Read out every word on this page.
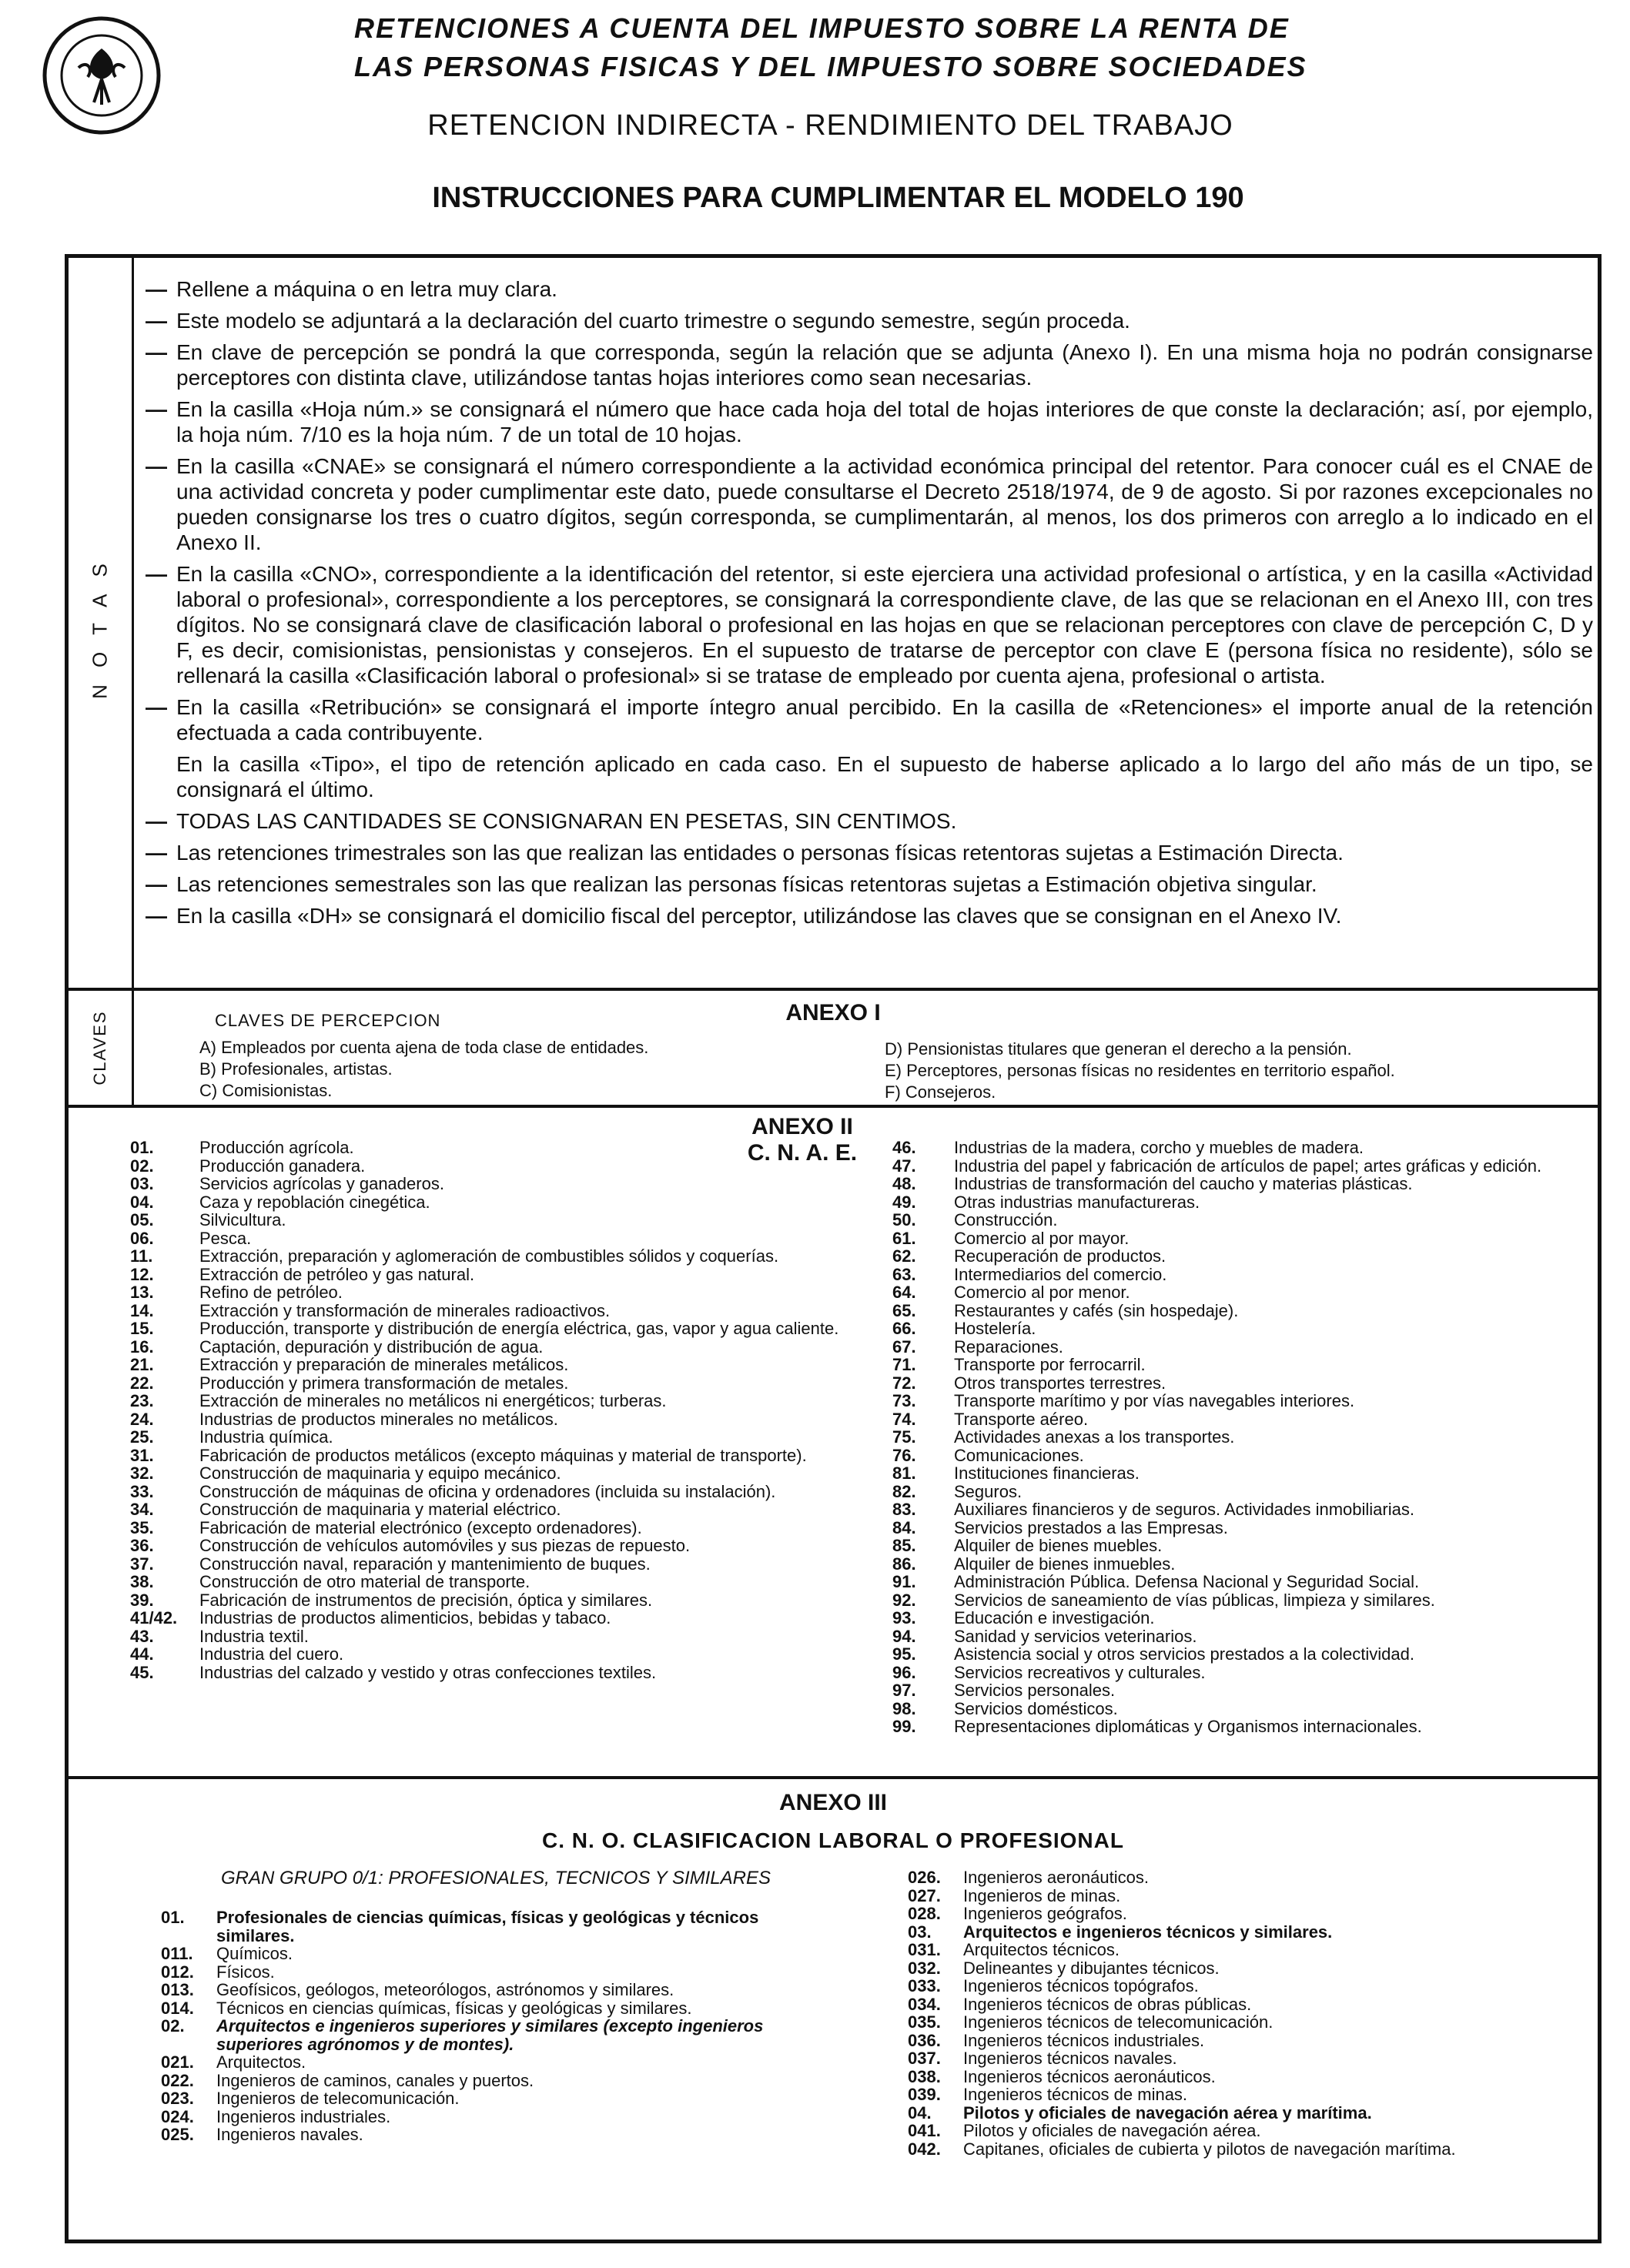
RETENCIONES A CUENTA DEL IMPUESTO SOBRE LA RENTA DE
LAS PERSONAS FISICAS Y DEL IMPUESTO SOBRE SOCIEDADES
RETENCION INDIRECTA - RENDIMIENTO DEL TRABAJO
INSTRUCCIONES PARA CUMPLIMENTAR EL MODELO 190
NOTAS
— Rellene a máquina o en letra muy clara.
— Este modelo se adjuntará a la declaración del cuarto trimestre o segundo semestre, según proceda.
— En clave de percepción se pondrá la que corresponda, según la relación que se adjunta (Anexo I). En una misma hoja no podrán consignarse perceptores con distinta clave, utilizándose tantas hojas interiores como sean necesarias.
— En la casilla «Hoja núm.» se consignará el número que hace cada hoja del total de hojas interiores de que conste la declaración; así, por ejemplo, la hoja núm. 7/10 es la hoja núm. 7 de un total de 10 hojas.
— En la casilla «CNAE» se consignará el número correspondiente a la actividad económica principal del retentor. Para conocer cuál es el CNAE de una actividad concreta y poder cumplimentar este dato, puede consultarse el Decreto 2518/1974, de 9 de agosto. Si por razones excepcionales no pueden consignarse los tres o cuatro dígitos, según corresponda, se cumplimentarán, al menos, los dos primeros con arreglo a lo indicado en el Anexo II.
— En la casilla «CNO», correspondiente a la identificación del retentor, si este ejerciera una actividad profesional o artística, y en la casilla «Actividad laboral o profesional», correspondiente a los perceptores, se consignará la correspondiente clave, de las que se relacionan en el Anexo III, con tres dígitos. No se consignará clave de clasificación laboral o profesional en las hojas en que se relacionan perceptores con clave de percepción C, D y F, es decir, comisionistas, pensionistas y consejeros. En el supuesto de tratarse de perceptor con clave E (persona física no residente), sólo se rellenará la casilla «Clasificación laboral o profesional» si se tratase de empleado por cuenta ajena, profesional o artista.
— En la casilla «Retribución» se consignará el importe íntegro anual percibido. En la casilla de «Retenciones» el importe anual de la retención efectuada a cada contribuyente.
En la casilla «Tipo», el tipo de retención aplicado en cada caso. En el supuesto de haberse aplicado a lo largo del año más de un tipo, se consignará el último.
— TODAS LAS CANTIDADES SE CONSIGNARAN EN PESETAS, SIN CENTIMOS.
— Las retenciones trimestrales son las que realizan las entidades o personas físicas retentoras sujetas a Estimación Directa.
— Las retenciones semestrales son las que realizan las personas físicas retentoras sujetas a Estimación objetiva singular.
— En la casilla «DH» se consignará el domicilio fiscal del perceptor, utilizándose las claves que se consignan en el Anexo IV.
CLAVES	ANEXO I
CLAVES DE PERCEPCION
A) Empleados por cuenta ajena de toda clase de entidades.
B) Profesionales, artistas.
C) Comisionistas.
D) Pensionistas titulares que generan el derecho a la pensión.
E) Perceptores, personas físicas no residentes en territorio español.
F) Consejeros.
ANEXO II
C. N. A. E.
01.	Producción agrícola.
02.	Producción ganadera.
03.	Servicios agrícolas y ganaderos.
04.	Caza y repoblación cinegética.
05.	Silvicultura.
06.	Pesca.
11.	Extracción, preparación y aglomeración de combustibles sólidos y coquerías.
12.	Extracción de petróleo y gas natural.
13.	Refino de petróleo.
14.	Extracción y transformación de minerales radioactivos.
15.	Producción, transporte y distribución de energía eléctrica, gas, vapor y agua caliente.
16.	Captación, depuración y distribución de agua.
21.	Extracción y preparación de minerales metálicos.
22.	Producción y primera transformación de metales.
23.	Extracción de minerales no metálicos ni energéticos; turberas.
24.	Industrias de productos minerales no metálicos.
25.	Industria química.
31.	Fabricación de productos metálicos (excepto máquinas y material de transporte).
32.	Construcción de maquinaria y equipo mecánico.
33.	Construcción de máquinas de oficina y ordenadores (incluida su instalación).
34.	Construcción de maquinaria y material eléctrico.
35.	Fabricación de material electrónico (excepto ordenadores).
36.	Construcción de vehículos automóviles y sus piezas de repuesto.
37.	Construcción naval, reparación y mantenimiento de buques.
38.	Construcción de otro material de transporte.
39.	Fabricación de instrumentos de precisión, óptica y similares.
41/42.	Industrias de productos alimenticios, bebidas y tabaco.
43.	Industria textil.
44.	Industria del cuero.
45.	Industrias del calzado y vestido y otras confecciones textiles.
46.	Industrias de la madera, corcho y muebles de madera.
47.	Industria del papel y fabricación de artículos de papel; artes gráficas y edición.
48.	Industrias de transformación del caucho y materias plásticas.
49.	Otras industrias manufactureras.
50.	Construcción.
61.	Comercio al por mayor.
62.	Recuperación de productos.
63.	Intermediarios del comercio.
64.	Comercio al por menor.
65.	Restaurantes y cafés (sin hospedaje).
66.	Hostelería.
67.	Reparaciones.
71.	Transporte por ferrocarril.
72.	Otros transportes terrestres.
73.	Transporte marítimo y por vías navegables interiores.
74.	Transporte aéreo.
75.	Actividades anexas a los transportes.
76.	Comunicaciones.
81.	Instituciones financieras.
82.	Seguros.
83.	Auxiliares financieros y de seguros. Actividades inmobiliarias.
84.	Servicios prestados a las Empresas.
85.	Alquiler de bienes muebles.
86.	Alquiler de bienes inmuebles.
91.	Administración Pública. Defensa Nacional y Seguridad Social.
92.	Servicios de saneamiento de vías públicas, limpieza y similares.
93.	Educación e investigación.
94.	Sanidad y servicios veterinarios.
95.	Asistencia social y otros servicios prestados a la colectividad.
96.	Servicios recreativos y culturales.
97.	Servicios personales.
98.	Servicios domésticos.
99.	Representaciones diplomáticas y Organismos internacionales.
ANEXO III
C. N. O. CLASIFICACION LABORAL O PROFESIONAL
GRAN GRUPO 0/1: PROFESIONALES, TECNICOS Y SIMILARES
01.	Profesionales de ciencias químicas, físicas y geológicas y técnicos similares.
011.	Químicos.
012.	Físicos.
013.	Geofísicos, geólogos, meteorólogos, astrónomos y similares.
014.	Técnicos en ciencias químicas, físicas y geológicas y similares.
02.	Arquitectos e ingenieros superiores y similares (excepto ingenieros superiores agrónomos y de montes).
021.	Arquitectos.
022.	Ingenieros de caminos, canales y puertos.
023.	Ingenieros de telecomunicación.
024.	Ingenieros industriales.
025.	Ingenieros navales.
026.	Ingenieros aeronáuticos.
027.	Ingenieros de minas.
028.	Ingenieros geógrafos.
03.	Arquitectos e ingenieros técnicos y similares.
031.	Arquitectos técnicos.
032.	Delineantes y dibujantes técnicos.
033.	Ingenieros técnicos topógrafos.
034.	Ingenieros técnicos de obras públicas.
035.	Ingenieros técnicos de telecomunicación.
036.	Ingenieros técnicos industriales.
037.	Ingenieros técnicos navales.
038.	Ingenieros técnicos aeronáuticos.
039.	Ingenieros técnicos de minas.
04.	Pilotos y oficiales de navegación aérea y marítima.
041.	Pilotos y oficiales de navegación aérea.
042.	Capitanes, oficiales de cubierta y pilotos de navegación marítima.
